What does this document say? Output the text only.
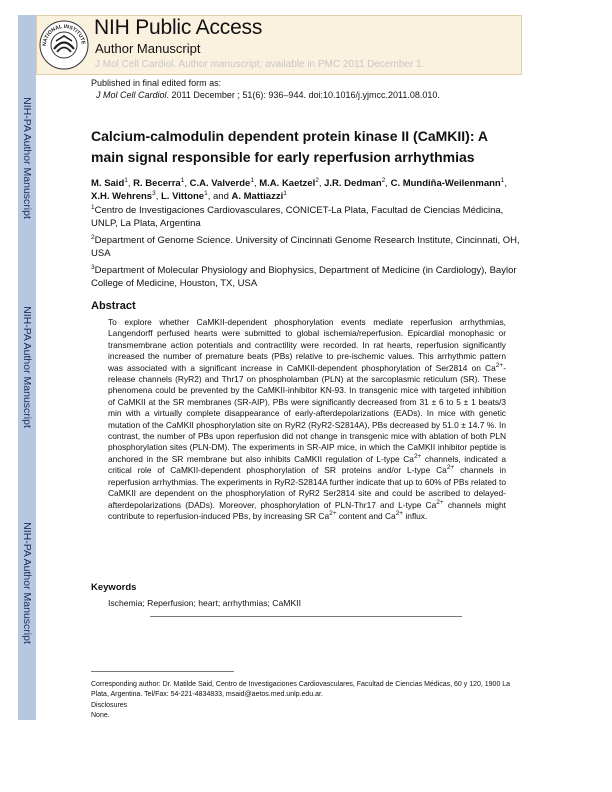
NIH-PA Author Manuscript
NIH-PA Author Manuscript
NIH-PA Author Manuscript
NATIONAL INSTITUTE
NIH Public Access
Author Manuscript
J Mol Cell Cardiol. Author manuscript; available in PMC 2011 December 1.
Published in final edited form as:
J Mol Cell Cardiol. 2011 December ; 51(6): 936–944. doi:10.1016/j.yjmcc.2011.08.010.
Calcium-calmodulin dependent protein kinase II (CaMKII): A main signal responsible for early reperfusion arrhythmias
M. Said$^1$, R. Becerra$^1$, C.A. Valverde$^1$, M.A. Kaetzel$^2$, J.R. Dedman$^2$, C. Mundiña-Weilenmann$^1$, X.H. Wehrens$^3$, L. Vittone$^1$, and A. Mattiazzi$^1$
$^1$Centro de Investigaciones Cardiovasculares, CONICET-La Plata, Facultad de Ciencias Médicina, UNLP, La Plata, Argentina
$^2$Department of Genome Science. University of Cincinnati Genome Research Institute, Cincinnati, OH, USA
$^3$Department of Molecular Physiology and Biophysics, Department of Medicine (in Cardiology), Baylor College of Medicine, Houston, TX, USA
Abstract
To explore whether CaMKII-dependent phosphorylation events mediate reperfusion arrhythmias, Langendorff perfused hearts were submitted to global ischemia/reperfusion. Epicardial monophasic or transmembrane action potentials and contractility were recorded. In rat hearts, reperfusion significantly increased the number of premature beats (PBs) relative to pre-ischemic values. This arrhythmic pattern was associated with a significant increase in CaMKII-dependent phosphorylation of Ser2814 on $Ca^{2+}$-release channels (RyR2) and Thr17 on phospholamban (PLN) at the sarcoplasmic reticulum (SR). These phenomena could be prevented by the CaMKII-inhibitor KN-93. In transgenic mice with targeted inhibition of CaMKII at the SR membranes (SR-AIP), PBs were significantly decreased from 31 ± 6 to 5 ± 1 beats/3 min with a virtually complete disappearance of early-afterdepolarizations (EADs). In mice with genetic mutation of the CaMKII phosphorylation site on RyR2 (RyR2-S2814A), PBs decreased by 51.0 ± 14.7 %. In contrast, the number of PBs upon reperfusion did not change in transgenic mice with ablation of both PLN phosphorylation sites (PLN-DM). The experiments in SR-AIP mice, in which the CaMKII inhibitor peptide is anchored in the SR membrane but also inhibits CaMKII regulation of L-type $Ca^{2+}$ channels, indicated a critical role of CaMKII-dependent phosphorylation of SR proteins and/or L-type $Ca^{2+}$ channels in reperfusion arrhythmias. The experiments in RyR2-S2814A further indicate that up to 60% of PBs related to CaMKII are dependent on the phosphorylation of RyR2 Ser2814 site and could be ascribed to delayed-afterdepolarizations (DADs). Moreover, phosphorylation of PLN-Thr17 and L-type $Ca^{2+}$ channels might contribute to reperfusion-induced PBs, by increasing SR $Ca^{2+}$ content and $Ca^{2+}$ influx.
Keywords
Ischemia; Reperfusion; heart; arrhythmias; CaMKII
Corresponding author: Dr. Matilde Said, Centro de Investigaciones Cardiovasculares, Facultad de Ciencias Médicas, 60 y 120, 1900 La Plata, Argentina. Tel/Fax: 54-221-4834833, msaid@aetos.med.unlp.edu.ar.
Disclosures
None.
